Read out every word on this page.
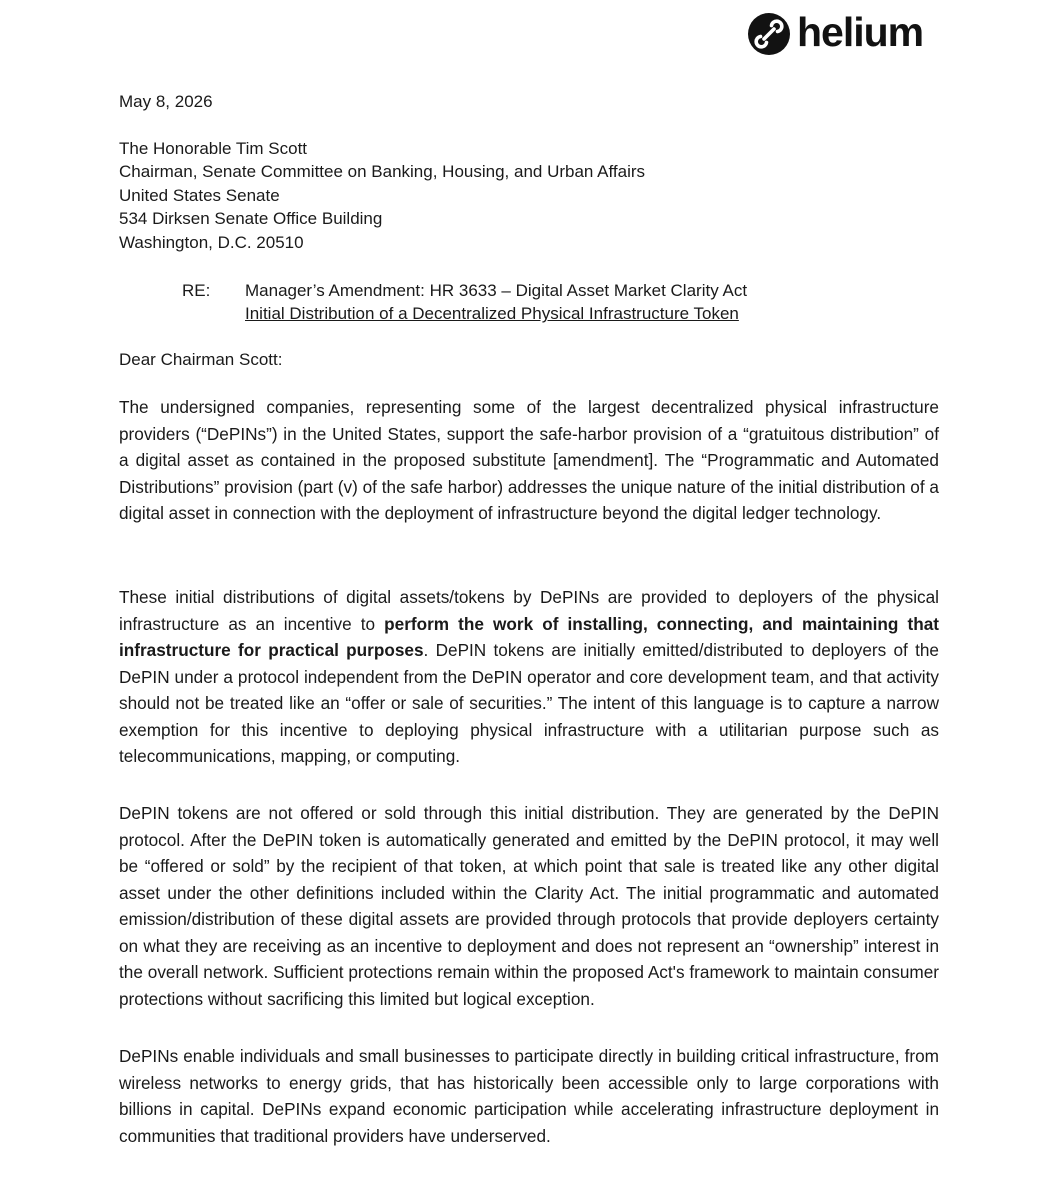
helium
May 8, 2026
The Honorable Tim Scott
Chairman, Senate Committee on Banking, Housing, and Urban Affairs
United States Senate
534 Dirksen Senate Office Building
Washington, D.C. 20510
RE:	Manager’s Amendment: HR 3633 – Digital Asset Market Clarity Act
Initial Distribution of a Decentralized Physical Infrastructure Token
Dear Chairman Scott:

The undersigned companies, representing some of the largest decentralized physical infrastructure providers (“DePINs”) in the United States, support the safe-harbor provision of a “gratuitous distribution” of a digital asset as contained in the proposed substitute [amendment]. The “Programmatic and Automated Distributions” provision (part (v) of the safe harbor) addresses the unique nature of the initial distribution of a digital asset in connection with the deployment of infrastructure beyond the digital ledger technology.

These initial distributions of digital assets/tokens by DePINs are provided to deployers of the physical infrastructure as an incentive to perform the work of installing, connecting, and maintaining that infrastructure for practical purposes. DePIN tokens are initially emitted/distributed to deployers of the DePIN under a protocol independent from the DePIN operator and core development team, and that activity should not be treated like an “offer or sale of securities.” The intent of this language is to capture a narrow exemption for this incentive to deploying physical infrastructure with a utilitarian purpose such as telecommunications, mapping, or computing.

DePIN tokens are not offered or sold through this initial distribution. They are generated by the DePIN protocol. After the DePIN token is automatically generated and emitted by the DePIN protocol, it may well be “offered or sold” by the recipient of that token, at which point that sale is treated like any other digital asset under the other definitions included within the Clarity Act. The initial programmatic and automated emission/distribution of these digital assets are provided through protocols that provide deployers certainty on what they are receiving as an incentive to deployment and does not represent an “ownership” interest in the overall network. Sufficient protections remain within the proposed Act's framework to maintain consumer protections without sacrificing this limited but logical exception.

DePINs enable individuals and small businesses to participate directly in building critical infrastructure, from wireless networks to energy grids, that has historically been accessible only to large corporations with billions in capital. DePINs expand economic participation while accelerating infrastructure deployment in communities that traditional providers have underserved.
